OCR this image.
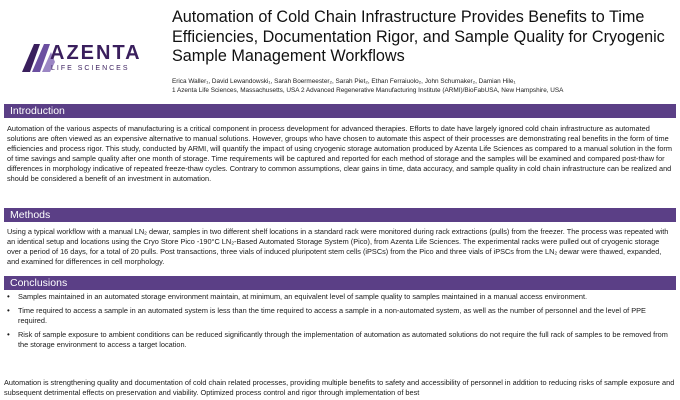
AZENTA
LIFE SCIENCES
Automation of Cold Chain Infrastructure Provides Benefits to Time Efficiencies, Documentation Rigor, and Sample Quality for Cryogenic Sample Management Workflows
Erica Waller₁, David Lewandowski₁, Sarah Boermeester₂, Sarah Piet₂, Ethan Ferraiuolo₂, John Schumaker₂, Damian Hile₁
1 Azenta Life Sciences, Massachusetts, USA 2 Advanced Regenerative Manufacturing Institute (ARMI)/BioFabUSA, New Hampshire, USA
Introduction
Automation of the various aspects of manufacturing is a critical component in process development for advanced therapies. Efforts to date have largely ignored cold chain infrastructure as automated solutions are often viewed as an expensive alternative to manual solutions. However, groups who have chosen to automate this aspect of their processes are demonstrating real benefits in the form of time efficiencies and process rigor. This study, conducted by ARMI, will quantify the impact of using cryogenic storage automation produced by Azenta Life Sciences as compared to a manual solution in the form of time savings and sample quality after one month of storage. Time requirements will be captured and reported for each method of storage and the samples will be examined and compared post-thaw for differences in morphology indicative of repeated freeze-thaw cycles. Contrary to common assumptions, clear gains in time, data accuracy, and sample quality in cold chain infrastructure can be realized and should be considered a benefit of an investment in automation.
Methods
Using a typical workflow with a manual LN₂ dewar, samples in two different shelf locations in a standard rack were monitored during rack extractions (pulls) from the freezer. The process was repeated with an identical setup and locations using the Cryo Store Pico -190°C LN₂-Based Automated Storage System (Pico), from Azenta Life Sciences. The experimental racks were pulled out of cryogenic storage over a period of 16 days, for a total of 20 pulls. Post transactions, three vials of induced pluripotent stem cells (iPSCs) from the Pico and three vials of iPSCs from the LN₂ dewar were thawed, expanded, and examined for differences in cell morphology.
Conclusions
• Samples maintained in an automated storage environment maintain, at minimum, an equivalent level of sample quality to samples maintained in a manual access environment.
• Time required to access a sample in an automated system is less than the time required to access a sample in a non-automated system, as well as the number of personnel and the level of PPE required.
• Risk of sample exposure to ambient conditions can be reduced significantly through the implementation of automation as automated solutions do not require the full rack of samples to be removed from the storage environment to access a target location.
Automation is strengthening quality and documentation of cold chain related processes, providing multiple benefits to safety and accessibility of personnel in addition to reducing risks of sample exposure and subsequent detrimental effects on preservation and viability. Optimized process control and rigor through implementation of best
